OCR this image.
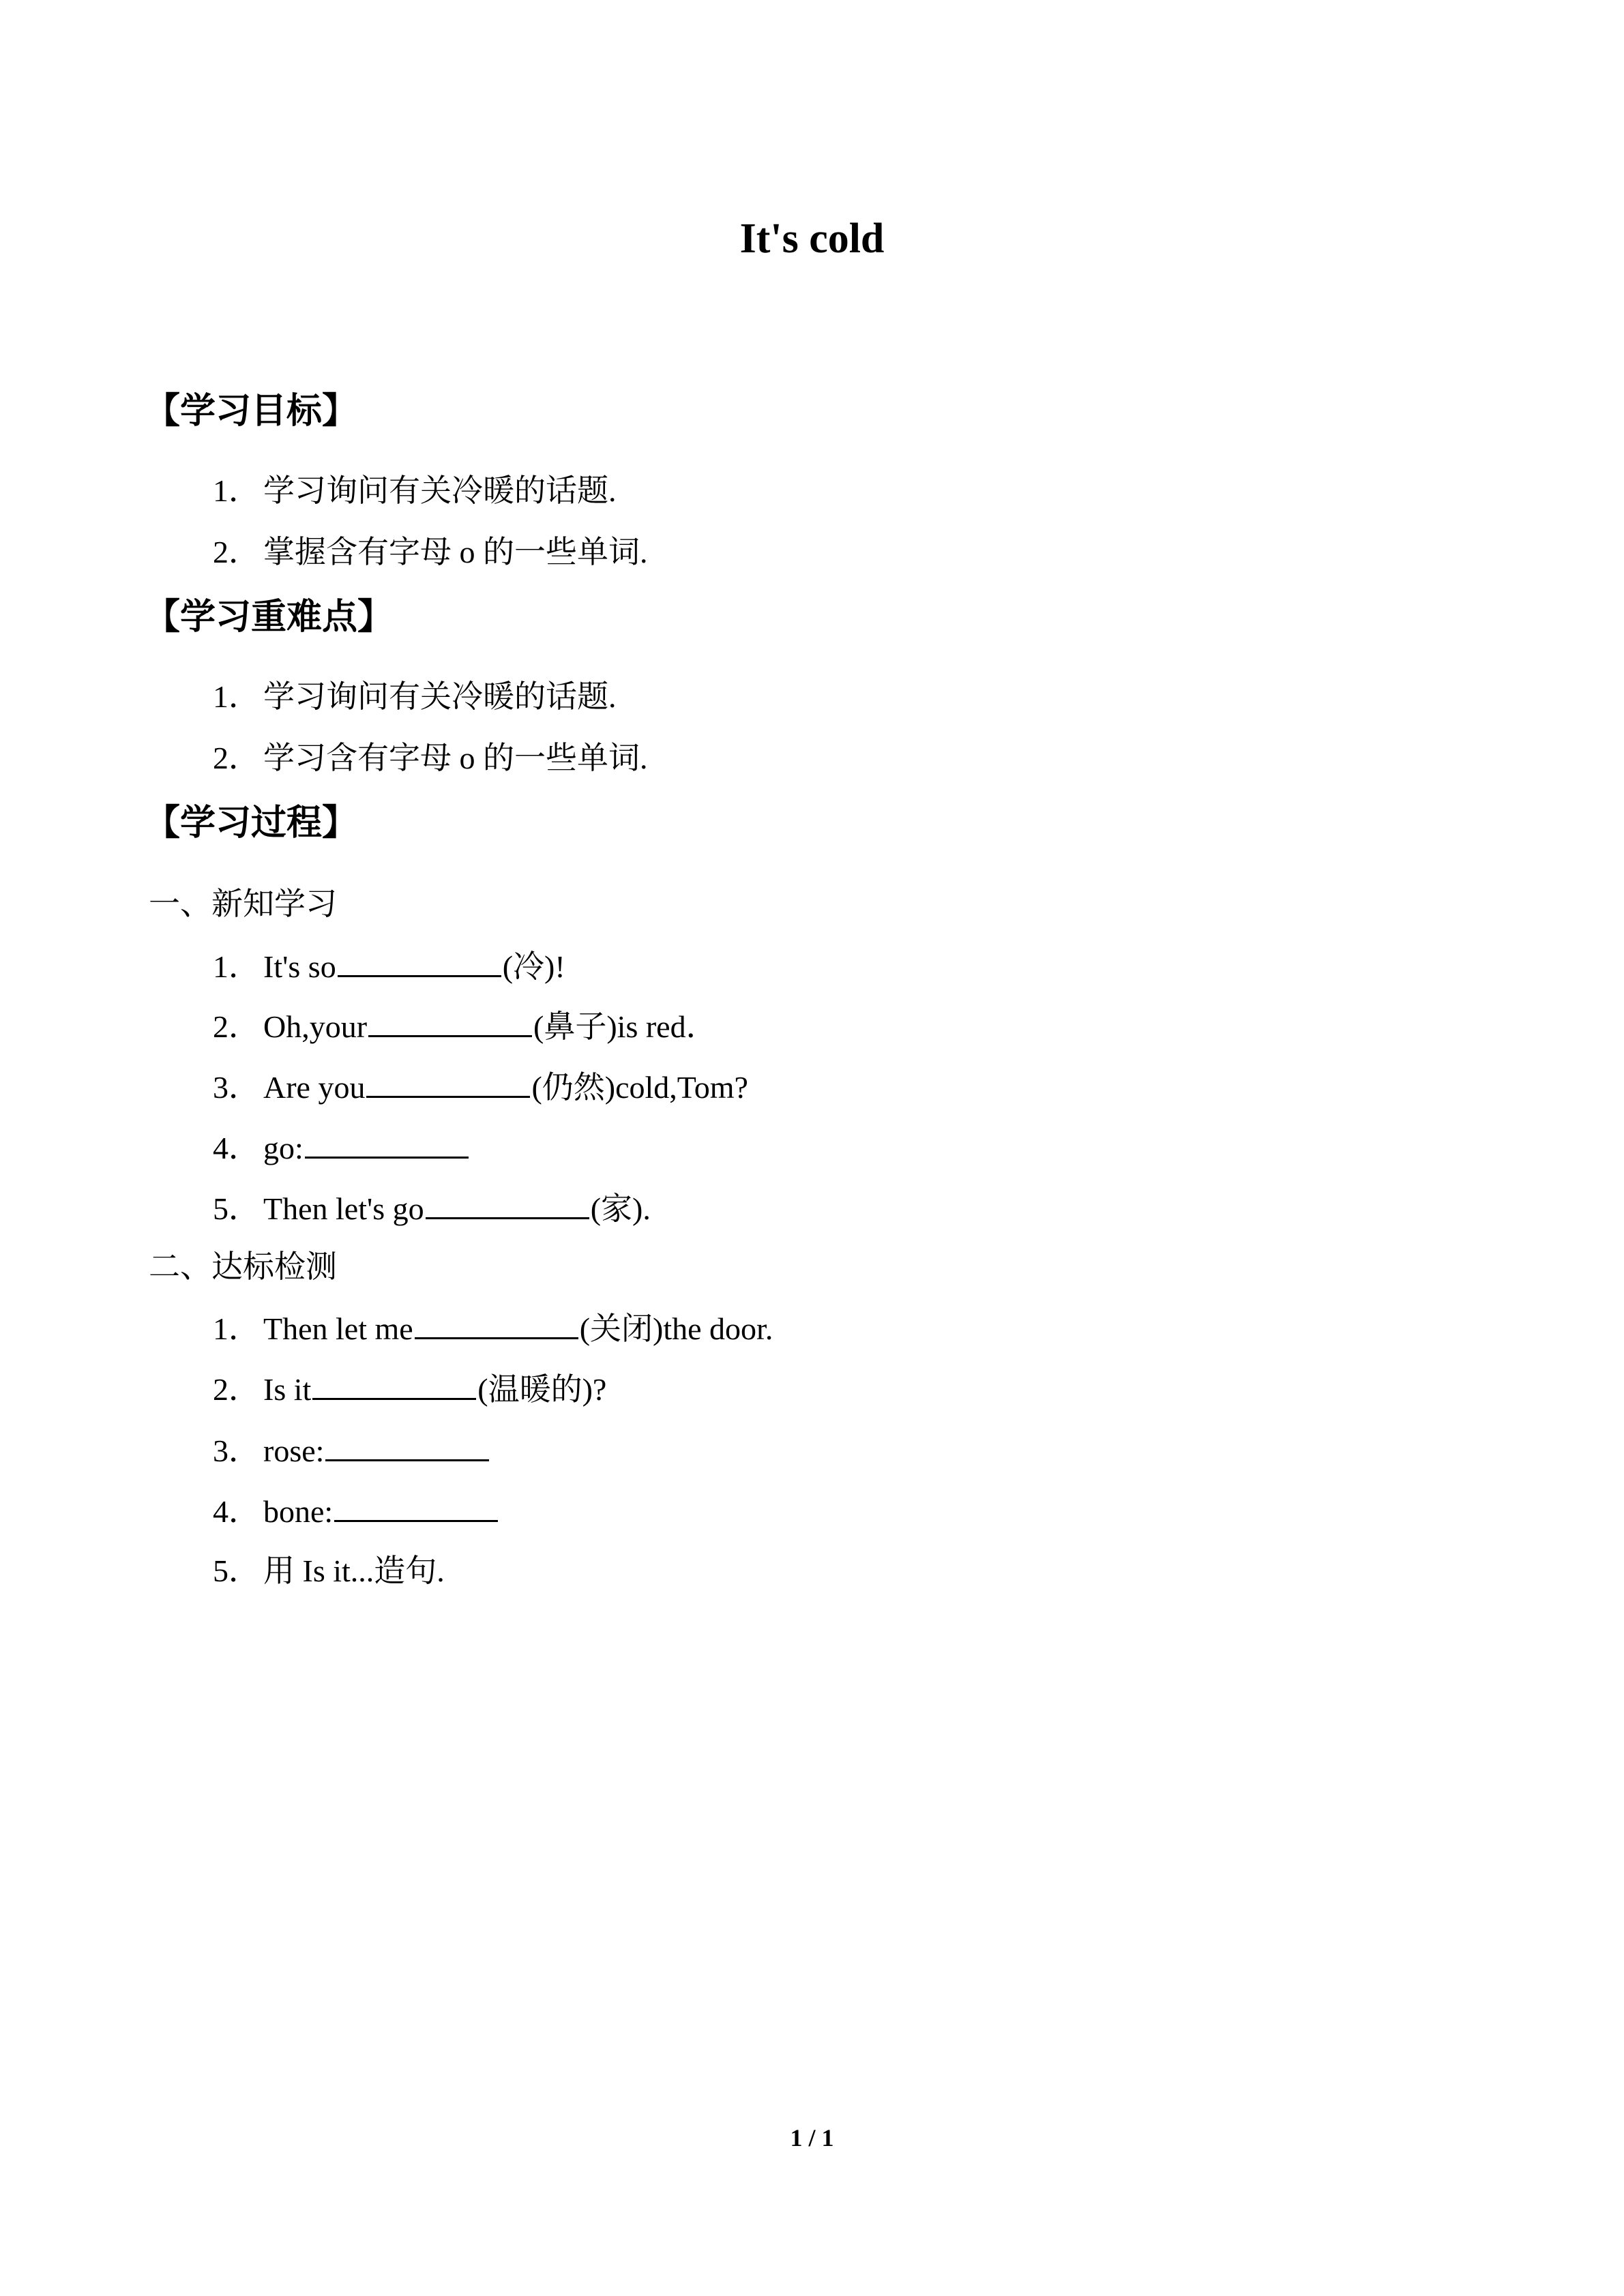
It's cold
【学习目标】
1． 学习询问有关冷暖的话题.
2． 掌握含有字母 o 的一些单词.
【学习重难点】
1． 学习询问有关冷暖的话题.
2． 学习含有字母 o 的一些单词.
【学习过程】
一、新知学习
1． It's so	(冷)!
2． Oh,your	(鼻子)is red．
3． Are you	(仍然)cold,Tom?
4． go:
5． Then let's go	(家).
二、达标检测
1． Then let me	(关闭)the door.
2． Is it	(温暖的)?
3． rose:
4． bone:
5． 用 Is it...造句.
1 / 1
